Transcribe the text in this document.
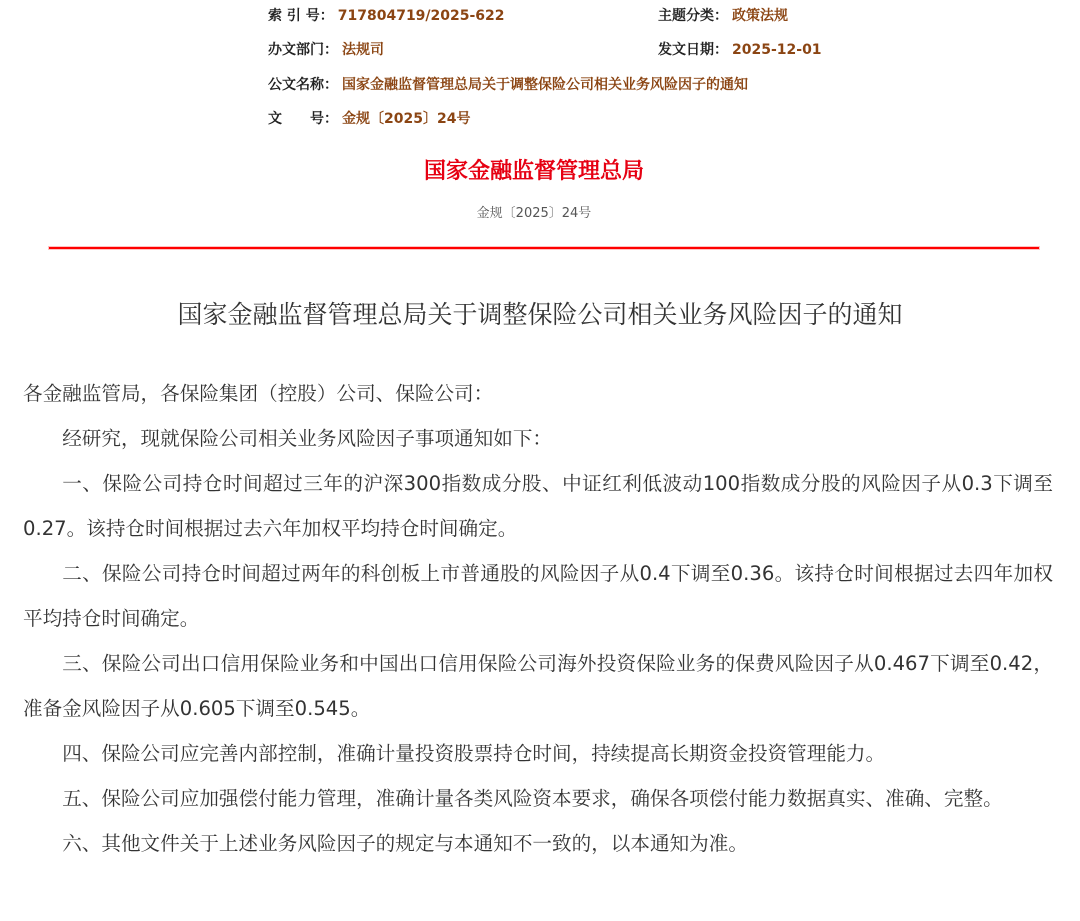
索 引 号： 717804719/2025-622	主题分类： 政策法规
办文部门： 法规司	发文日期： 2025-12-01
公文名称： 国家金融监督管理总局关于调整保险公司相关业务风险因子的通知
文　　号： 金规〔2025〕24号
国家金融监督管理总局
金规〔2025〕24号
国家金融监督管理总局关于调整保险公司相关业务风险因子的通知

各金融监管局，各保险集团（控股）公司、保险公司：

经研究，现就保险公司相关业务风险因子事项通知如下：

一、保险公司持仓时间超过三年的沪深300指数成分股、中证红利低波动100指数成分股的风险因子从0.3下调至0.27。该持仓时间根据过去六年加权平均持仓时间确定。

二、保险公司持仓时间超过两年的科创板上市普通股的风险因子从0.4下调至0.36。该持仓时间根据过去四年加权平均持仓时间确定。

三、保险公司出口信用保险业务和中国出口信用保险公司海外投资保险业务的保费风险因子从0.467下调至0.42，准备金风险因子从0.605下调至0.545。

四、保险公司应完善内部控制，准确计量投资股票持仓时间，持续提高长期资金投资管理能力。

五、保险公司应加强偿付能力管理，准确计量各类风险资本要求，确保各项偿付能力数据真实、准确、完整。

六、其他文件关于上述业务风险因子的规定与本通知不一致的，以本通知为准。
